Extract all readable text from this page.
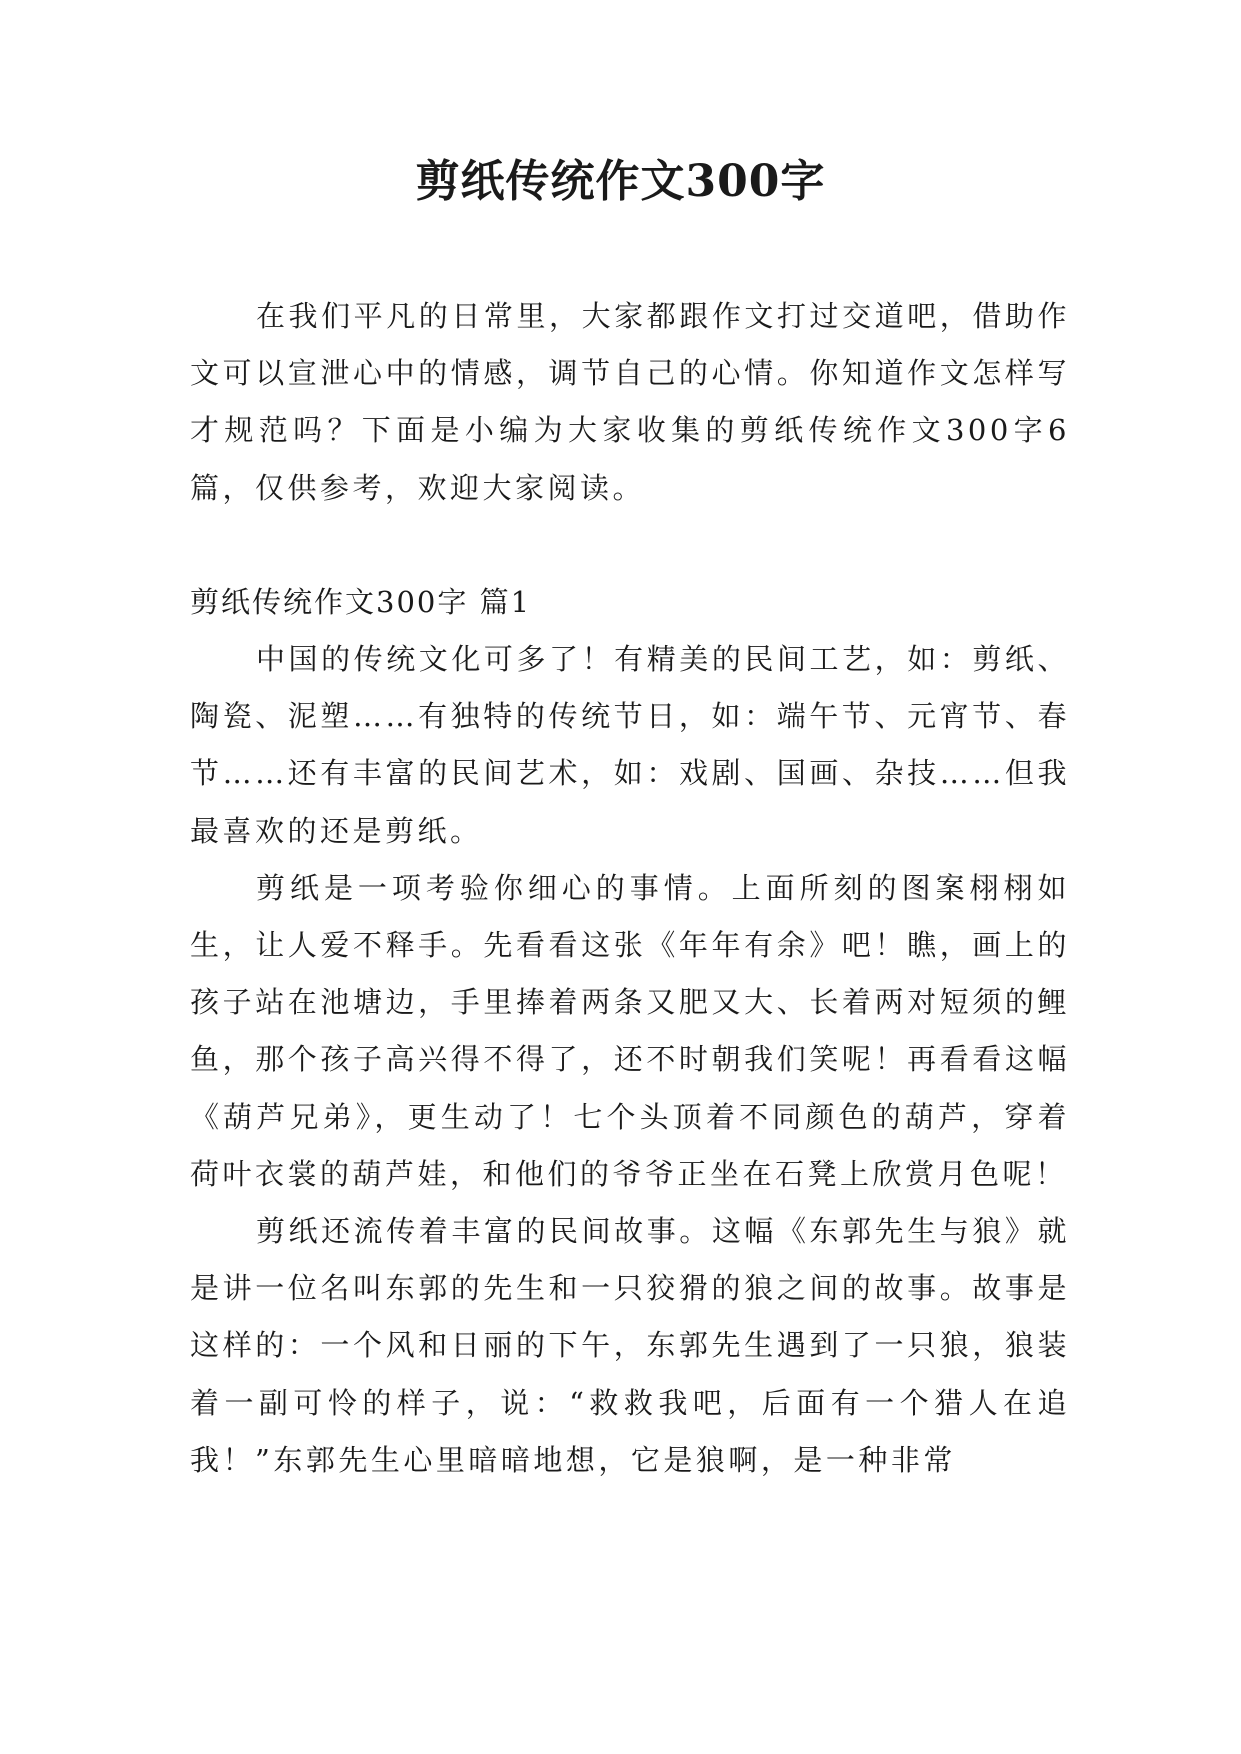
剪纸传统作文300字

在我们平凡的日常里，大家都跟作文打过交道吧，借助作文可以宣泄心中的情感，调节自己的心情。你知道作文怎样写才规范吗？下面是小编为大家收集的剪纸传统作文300字6篇，仅供参考，欢迎大家阅读。

剪纸传统作文300字 篇1

中国的传统文化可多了！有精美的民间工艺，如：剪纸、陶瓷、泥塑……有独特的传统节日，如：端午节、元宵节、春节……还有丰富的民间艺术，如：戏剧、国画、杂技……但我最喜欢的还是剪纸。

剪纸是一项考验你细心的事情。上面所刻的图案栩栩如生，让人爱不释手。先看看这张《年年有余》吧！瞧，画上的孩子站在池塘边，手里捧着两条又肥又大、长着两对短须的鲤鱼，那个孩子高兴得不得了，还不时朝我们笑呢！再看看这幅《葫芦兄弟》，更生动了！七个头顶着不同颜色的葫芦，穿着荷叶衣裳的葫芦娃，和他们的爷爷正坐在石凳上欣赏月色呢！

剪纸还流传着丰富的民间故事。这幅《东郭先生与狼》就是讲一位名叫东郭的先生和一只狡猾的狼之间的故事。故事是这样的：一个风和日丽的下午，东郭先生遇到了一只狼，狼装着一副可怜的样子，说：“救救我吧，后面有一个猎人在追我！”东郭先生心里暗暗地想，它是狼啊，是一种非常
